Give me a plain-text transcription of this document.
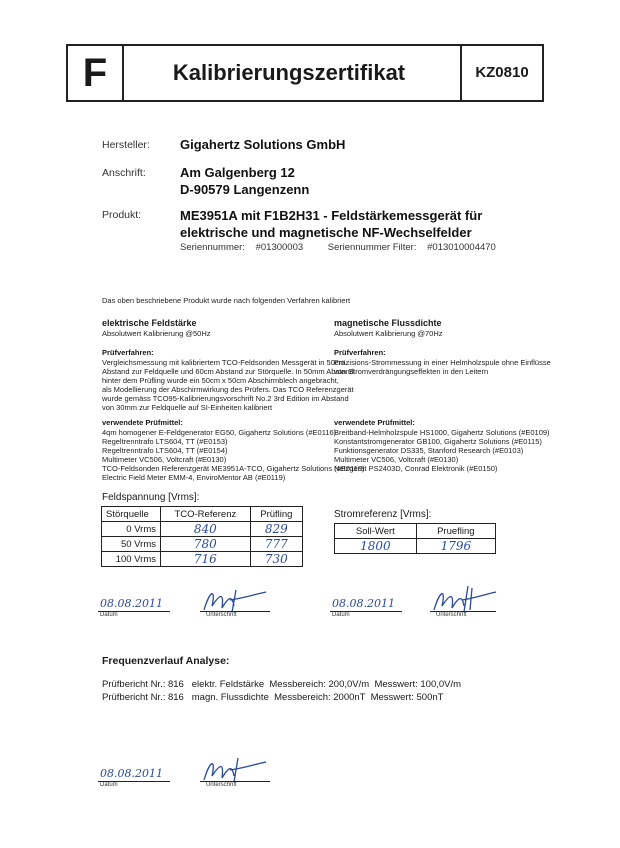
F	Kalibrierungszertifikat	KZ0810
Hersteller: Gigahertz Solutions GmbH
Anschrift:	Am Galgenberg 12
D-90579 Langenzenn
Produkt:	ME3951A mit F1B2H31 - Feldstärkemessgerät für
elektrische und magnetische NF-Wechselfelder
Seriennummer: #01300003	Seriennummer Filter: #013010004470
Das oben beschriebene Produkt wurde nach folgenden Verfahren kalibriert
elektrische Feldstärke
Absolutwert Kalibrierung @50Hz
Prüfverfahren:
Vergleichsmessung mit kalibriertem TCO-Feldsonden Messgerät in 50cm
Abstand zur Feldquelle und 60cm Abstand zur Störquelle. In 50mm Abstand
hinter dem Prüfling wurde ein 50cm x 50cm Abschirmblech angebracht,
als Modellierung der Abschirmwirkung des Prüfers. Das TCO Referenzgerät
wurde gemäss TCO95-Kalibrierungsvorschrift No.2 3rd Edition im Abstand
von 30mm zur Feldquelle auf SI-Einheiten kalibriert
verwendete Prüfmittel:
4qm homogener E-Feldgenerator EG50, Gigahertz Solutions (#E0116)
Regeltrenntrafo LTS604, TT (#E0153)
Regeltrenntrafo LTS604, TT (#E0154)
Multimeter VC506, Voltcraft (#E0130)
TCO-Feldsonden Referenzgerät ME3951A-TCO, Gigahertz Solutions (#E0118)
Electric Field Meter EMM-4, EnviroMentor AB (#E0119)
magnetische Flussdichte
Absolutwert Kalibrierung @70Hz
Prüfverfahren:
Präzisions-Strommessung in einer Helmholzspule ohne Einflüsse
von Stromverdrängungseffekten in den Leitern
verwendete Prüfmittel:
Breitband-Helmholzspule HS1000, Gigahertz Solutions (#E0109)
Konstantstromgenerator GB100, Gigahertz Solutions (#E0115)
Funktionsgenerator DS335, Stanford Research (#E0103)
Multimeter VC506, Voltcraft (#E0130)
Netzgerät PS2403D, Conrad Elektronik (#E0150)
Feldspannung [Vrms]:
Störquelle	TCO-Referenz	Prüfling
0 Vrms	840	829
50 Vrms	780	777
100 Vrms	716	730
Stromreferenz [Vrms]:
Soll-Wert	Pruefling
1800	1796
08.08.2011
Datum	Unterschrift
08.08.2011
Datum	Unterschrift
Frequenzverlauf Analyse:
Prüfbericht Nr.: 816   elektr. Feldstärke  Messbereich: 200,0V/m  Messwert: 100,0V/m
Prüfbericht Nr.: 816   magn. Flussdichte  Messbereich: 2000nT  Messwert: 500nT
08.08.2011
Datum	Unterschrift
